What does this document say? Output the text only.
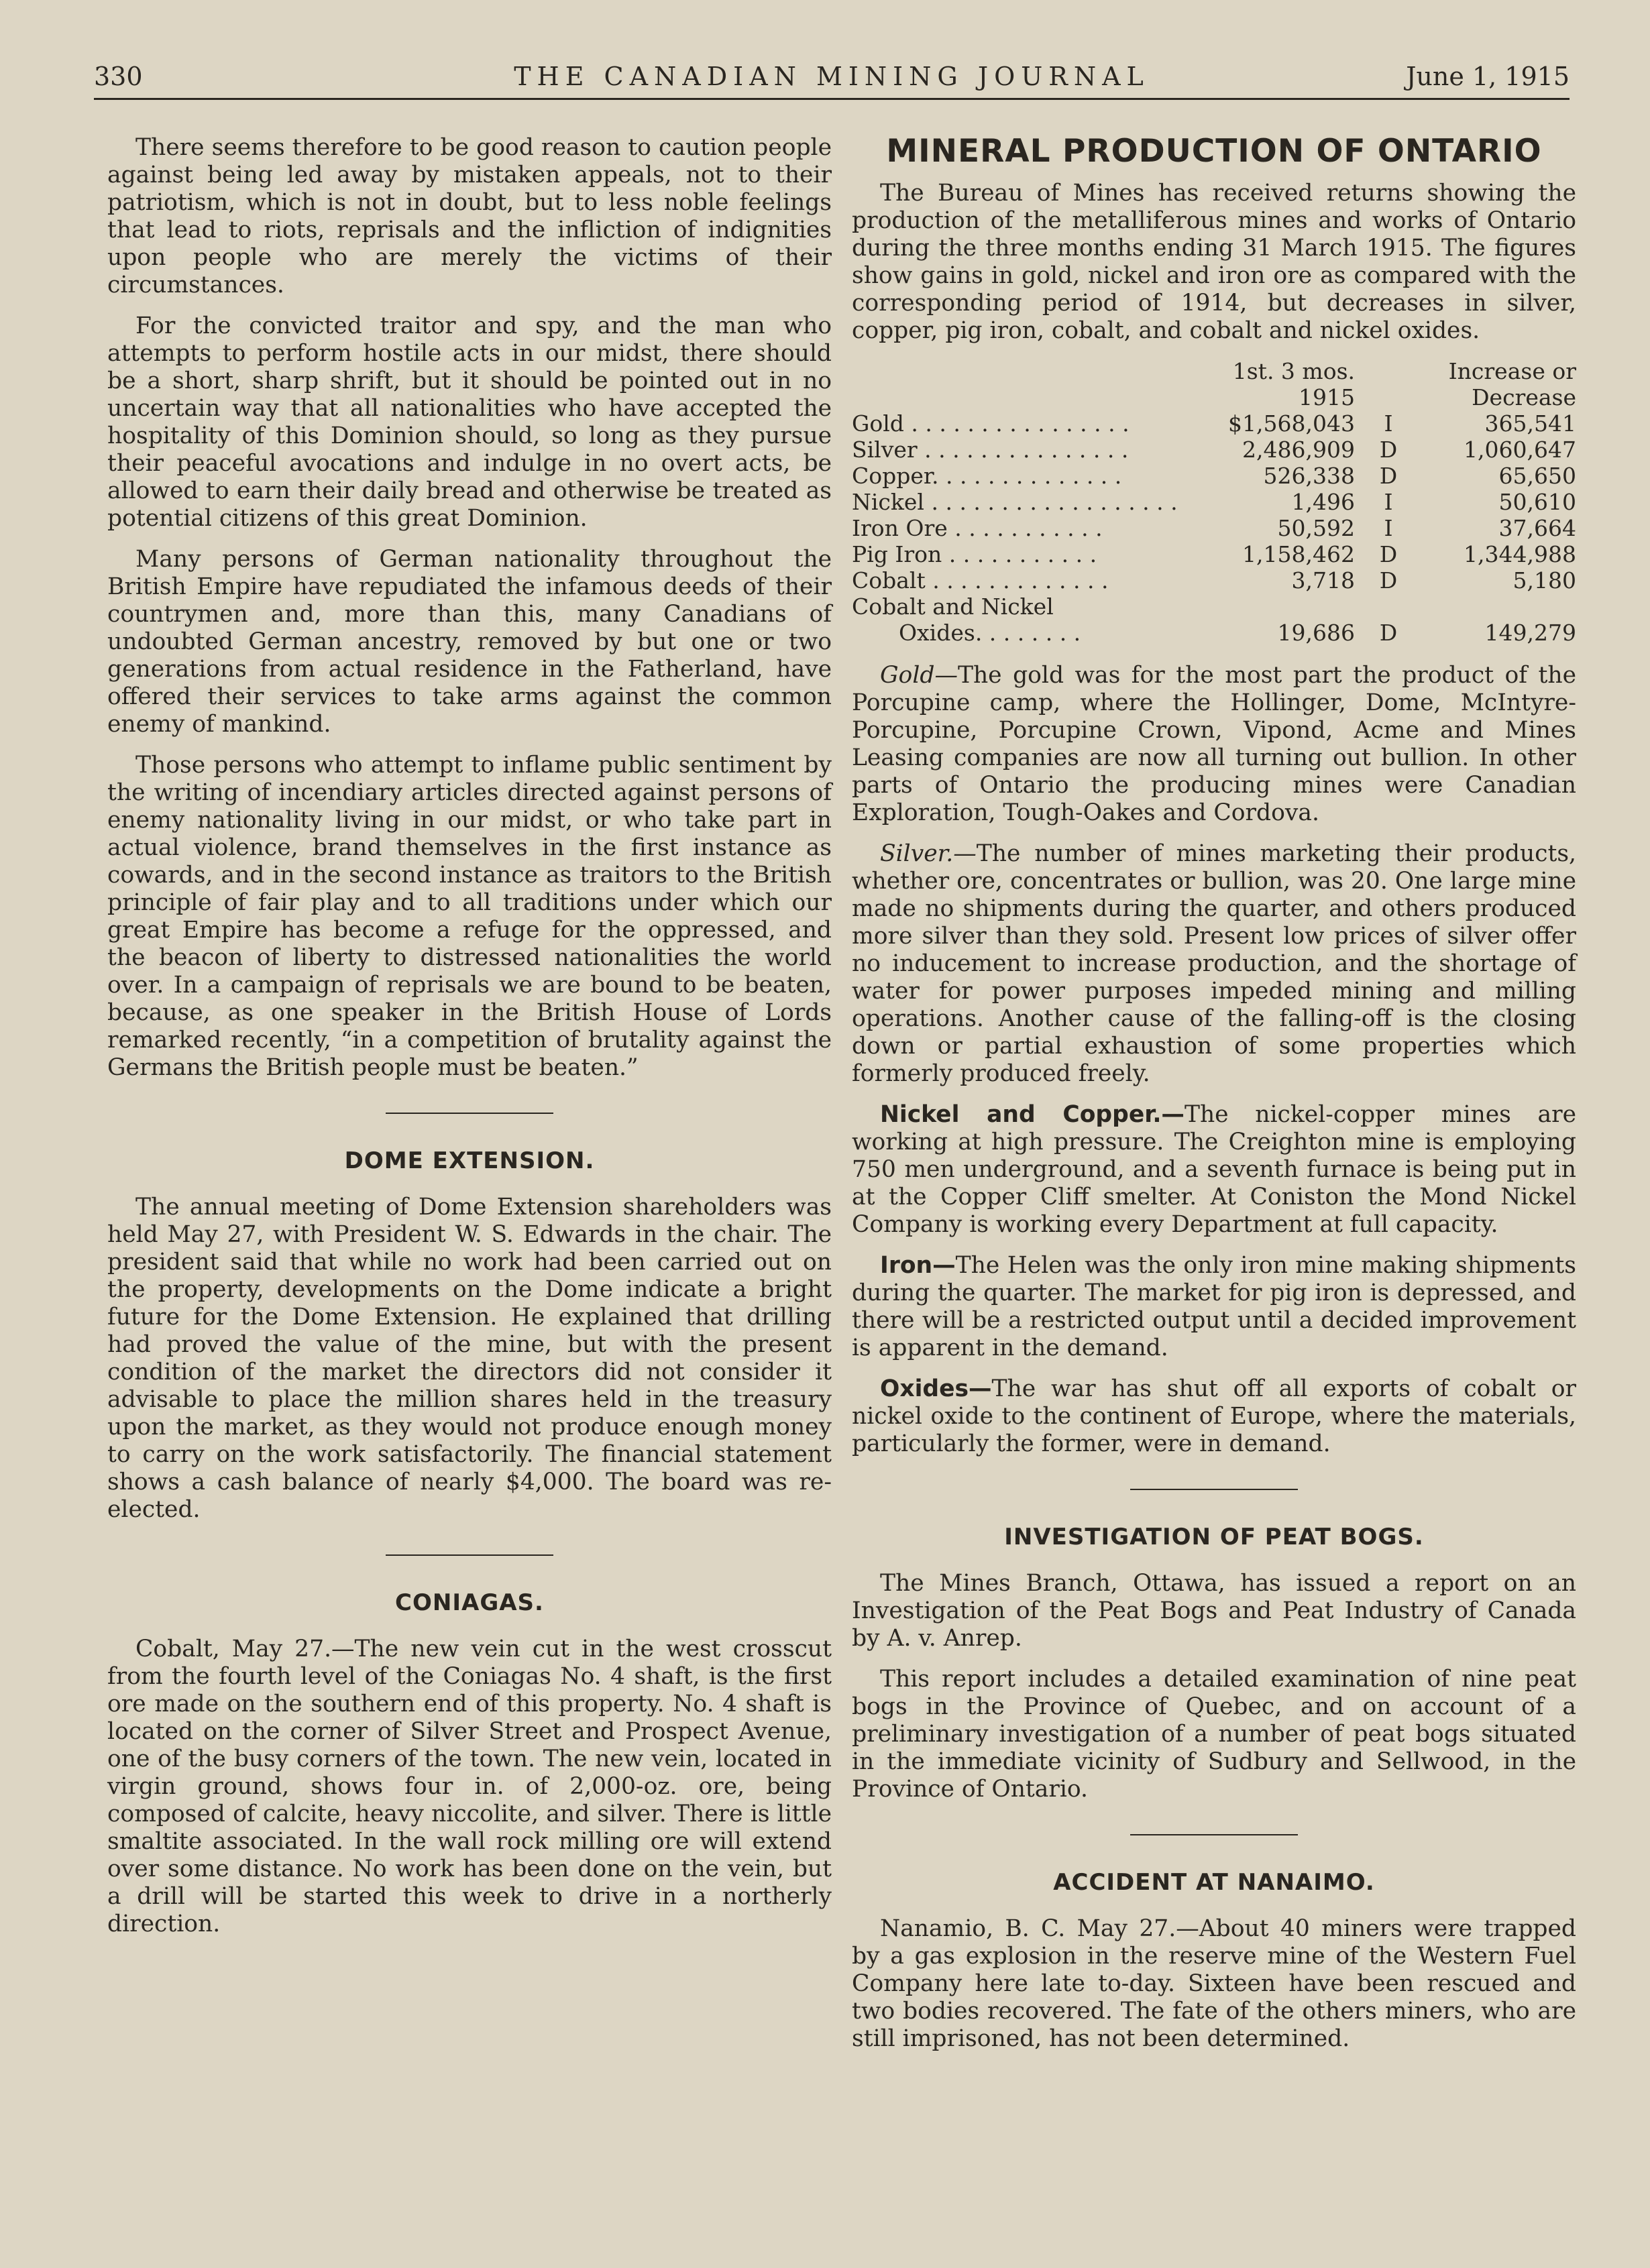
330	THE CANADIAN MINING JOURNAL	June 1, 1915

There seems therefore to be good reason to caution people against being led away by mistaken appeals, not to their patriotism, which is not in doubt, but to less noble feelings that lead to riots, reprisals and the infliction of indignities upon people who are merely the victims of their circumstances.

For the convicted traitor and spy, and the man who attempts to perform hostile acts in our midst, there should be a short, sharp shrift, but it should be pointed out in no uncertain way that all nationalities who have accepted the hospitality of this Dominion should, so long as they pursue their peaceful avocations and indulge in no overt acts, be allowed to earn their daily bread and otherwise be treated as potential citizens of this great Dominion.

Many persons of German nationality throughout the British Empire have repudiated the infamous deeds of their countrymen and, more than this, many Canadians of undoubted German ancestry, removed by but one or two generations from actual residence in the Fatherland, have offered their services to take arms against the common enemy of mankind.

Those persons who attempt to inflame public sentiment by the writing of incendiary articles directed against persons of enemy nationality living in our midst, or who take part in actual violence, brand themselves in the first instance as cowards, and in the second instance as traitors to the British principle of fair play and to all traditions under which our great Empire has become a refuge for the oppressed, and the beacon of liberty to distressed nationalities the world over. In a campaign of reprisals we are bound to be beaten, because, as one speaker in the British House of Lords remarked recently, “in a competition of brutality against the Germans the British people must be beaten.”

DOME EXTENSION.

The annual meeting of Dome Extension shareholders was held May 27, with President W. S. Edwards in the chair. The president said that while no work had been carried out on the property, developments on the Dome indicate a bright future for the Dome Extension. He explained that drilling had proved the value of the mine, but with the present condition of the market the directors did not consider it advisable to place the million shares held in the treasury upon the market, as they would not produce enough money to carry on the work satisfactorily. The financial statement shows a cash balance of nearly $4,000. The board was re-elected.

CONIAGAS.

Cobalt, May 27.—The new vein cut in the west crosscut from the fourth level of the Coniagas No. 4 shaft, is the first ore made on the southern end of this property. No. 4 shaft is located on the corner of Silver Street and Prospect Avenue, one of the busy corners of the town. The new vein, located in virgin ground, shows four in. of 2,000-oz. ore, being composed of calcite, heavy niccolite, and silver. There is little smaltite associated. In the wall rock milling ore will extend over some distance. No work has been done on the vein, but a drill will be started this week to drive in a northerly direction.

MINERAL PRODUCTION OF ONTARIO

The Bureau of Mines has received returns showing the production of the metalliferous mines and works of Ontario during the three months ending 31 March 1915. The figures show gains in gold, nickel and iron ore as compared with the corresponding period of 1914, but decreases in silver, copper, pig iron, cobalt, and cobalt and nickel oxides.

	1st. 3 mos.		Increase or
	1915		Decrease
Gold . . . . . . . . . . . . . . . .	$1,568,043	I	365,541
Silver . . . . . . . . . . . . . . .	2,486,909	D	1,060,647
Copper. . . . . . . . . . . . . .	526,338	D	65,650
Nickel . . . . . . . . . . . . . . . . . .	1,496	I	50,610
Iron Ore . . . . . . . . . . .	50,592	I	37,664
Pig Iron . . . . . . . . . . .	1,158,462	D	1,344,988
Cobalt . . . . . . . . . . . . .	3,718	D	5,180
Cobalt and Nickel			
Oxides. . . . . . . .	19,686	D	149,279

Gold—The gold was for the most part the product of the Porcupine camp, where the Hollinger, Dome, McIntyre-Porcupine, Porcupine Crown, Vipond, Acme and Mines Leasing companies are now all turning out bullion. In other parts of Ontario the producing mines were Canadian Exploration, Tough-Oakes and Cordova.

Silver.—The number of mines marketing their products, whether ore, concentrates or bullion, was 20. One large mine made no shipments during the quarter, and others produced more silver than they sold. Present low prices of silver offer no inducement to increase production, and the shortage of water for power purposes impeded mining and milling operations. Another cause of the falling-off is the closing down or partial exhaustion of some properties which formerly produced freely.

Nickel and Copper.—The nickel-copper mines are working at high pressure. The Creighton mine is employing 750 men underground, and a seventh furnace is being put in at the Copper Cliff smelter. At Coniston the Mond Nickel Company is working every Department at full capacity.

Iron—The Helen was the only iron mine making shipments during the quarter. The market for pig iron is depressed, and there will be a restricted output until a decided improvement is apparent in the demand.

Oxides—The war has shut off all exports of cobalt or nickel oxide to the continent of Europe, where the materials, particularly the former, were in demand.

INVESTIGATION OF PEAT BOGS.

The Mines Branch, Ottawa, has issued a report on an Investigation of the Peat Bogs and Peat Industry of Canada by A. v. Anrep.

This report includes a detailed examination of nine peat bogs in the Province of Quebec, and on account of a preliminary investigation of a number of peat bogs situated in the immediate vicinity of Sudbury and Sellwood, in the Province of Ontario.

ACCIDENT AT NANAIMO.

Nanamio, B. C. May 27.—About 40 miners were trapped by a gas explosion in the reserve mine of the Western Fuel Company here late to-day. Sixteen have been rescued and two bodies recovered. The fate of the others miners, who are still imprisoned, has not been determined.
